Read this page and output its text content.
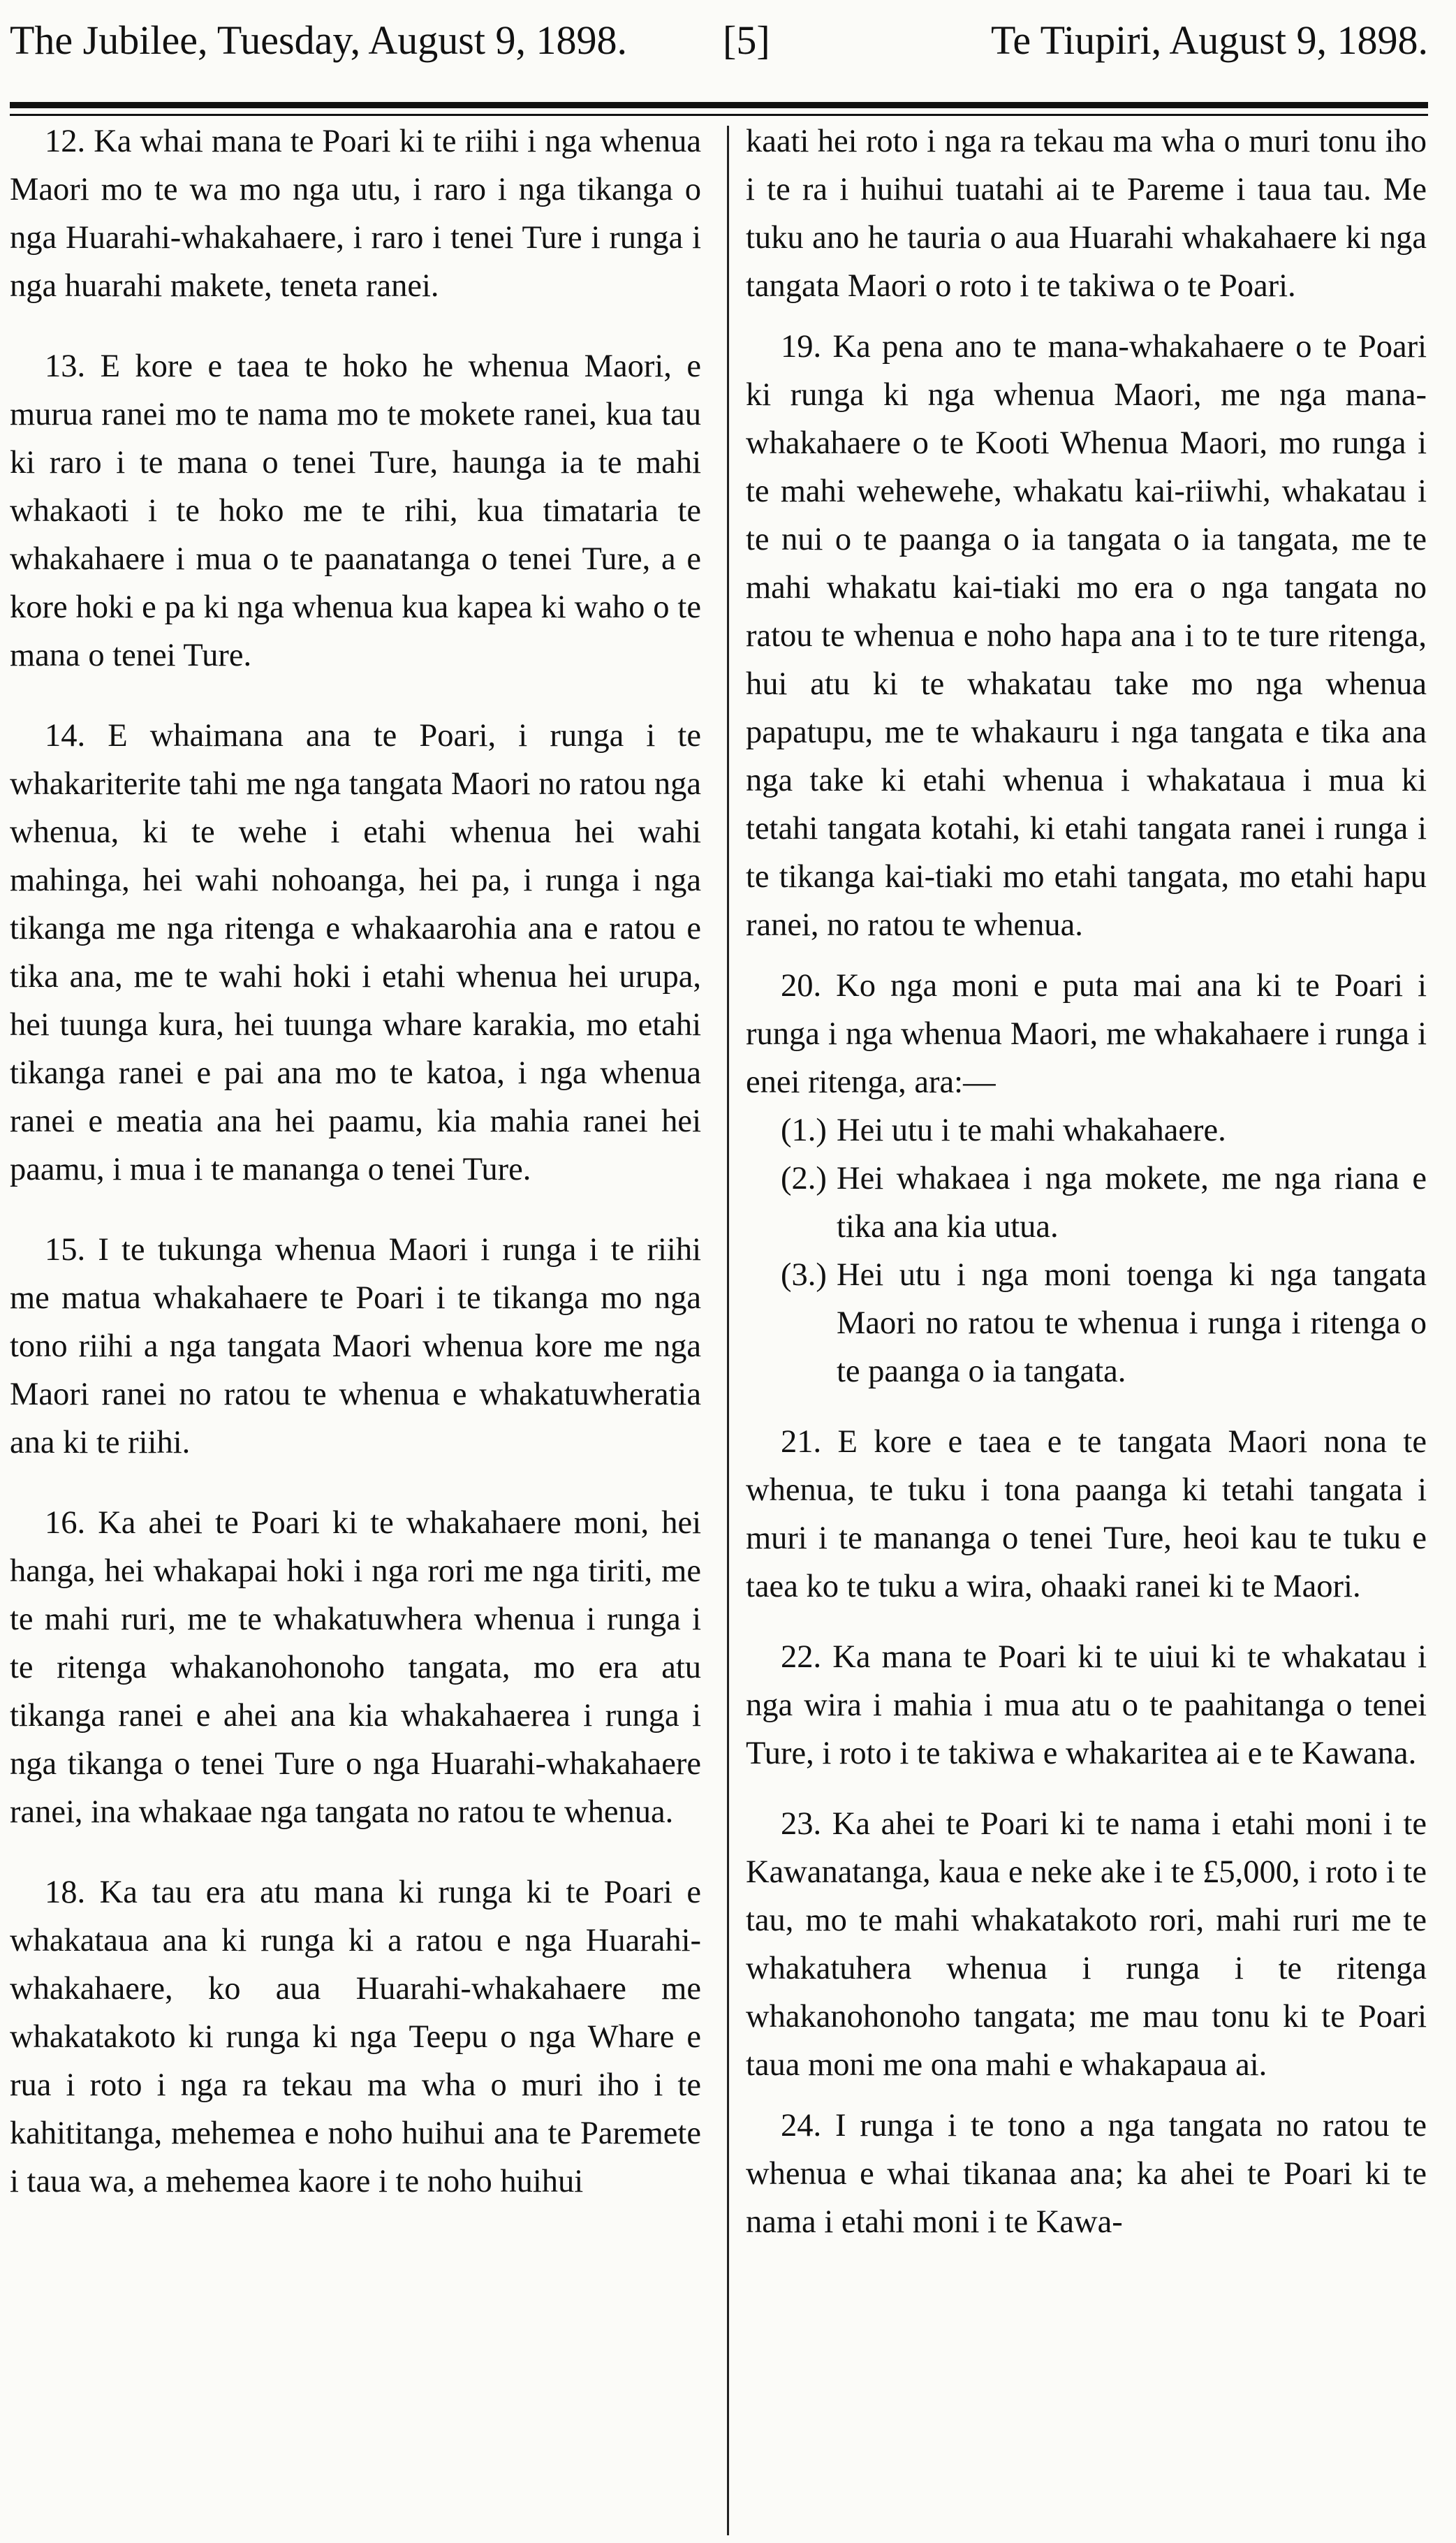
The Jubilee, Tuesday, August 9, 1898. [5]	Te Tiupiri, August 9, 1898.

12. Ka whai mana te Poari ki te riihi i nga whenua Maori mo te wa mo nga utu, i raro i nga tikanga o nga Huarahi-whakahaere, i raro i tenei Ture i runga i nga huarahi makete, teneta ranei.

13. E kore e taea te hoko he whenua Maori, e murua ranei mo te nama mo te mokete ranei, kua tau ki raro i te mana o tenei Ture, haunga ia te mahi whakaoti i te hoko me te rihi, kua timataria te whakahaere i mua o te paanatanga o tenei Ture, a e kore hoki e pa ki nga whenua kua kapea ki waho o te mana o tenei Ture.

14. E whaimana ana te Poari, i runga i te whakariterite tahi me nga tangata Maori no ratou nga whenua, ki te wehe i etahi whenua hei wahi mahinga, hei wahi nohoanga, hei pa, i runga i nga tikanga me nga ritenga e whakaarohia ana e ratou e tika ana, me te wahi hoki i etahi whenua hei urupa, hei tuunga kura, hei tuunga whare karakia, mo etahi tikanga ranei e pai ana mo te katoa, i nga whenua ranei e meatia ana hei paamu, kia mahia ranei hei paamu, i mua i te mananga o tenei Ture.

15. I te tukunga whenua Maori i runga i te riihi me matua whakahaere te Poari i te tikanga mo nga tono riihi a nga tangata Maori whenua kore me nga Maori ranei no ratou te whenua e whakatuwheratia ana ki te riihi.

16. Ka ahei te Poari ki te whakahaere moni, hei hanga, hei whakapai hoki i nga rori me nga tiriti, me te mahi ruri, me te whakatuwhera whenua i runga i te ritenga whakanohonoho tangata, mo era atu tikanga ranei e ahei ana kia whakahaerea i runga i nga tikanga o tenei Ture o nga Huarahi-whakahaere ranei, ina whakaae nga tangata no ratou te whenua.

18. Ka tau era atu mana ki runga ki te Poari e whakataua ana ki runga ki a ratou e nga Huarahi-whakahaere, ko aua Huarahi-whakahaere me whakatakoto ki runga ki nga Teepu o nga Whare e rua i roto i nga ra tekau ma wha o muri iho i te kahititanga, mehemea e noho huihui ana te Paremete i taua wa, a mehemea kaore i te noho huihui

kaati hei roto i nga ra tekau ma wha o muri tonu iho i te ra i huihui tuatahi ai te Pareme i taua tau. Me tuku ano he tauria o aua Huarahi whakahaere ki nga tangata Maori o roto i te takiwa o te Poari.

19. Ka pena ano te mana-whakahaere o te Poari ki runga ki nga whenua Maori, me nga mana-whakahaere o te Kooti Whenua Maori, mo runga i te mahi wehewehe, whakatu kai-riiwhi, whakatau i te nui o te paanga o ia tangata o ia tangata, me te mahi whakatu kai-tiaki mo era o nga tangata no ratou te whenua e noho hapa ana i to te ture ritenga, hui atu ki te whakatau take mo nga whenua papatupu, me te whakauru i nga tangata e tika ana nga take ki etahi whenua i whakataua i mua ki tetahi tangata kotahi, ki etahi tangata ranei i runga i te tikanga kai-tiaki mo etahi tangata, mo etahi hapu ranei, no ratou te whenua.

20. Ko nga moni e puta mai ana ki te Poari i runga i nga whenua Maori, me whakahaere i runga i enei ritenga, ara:—

(1.) Hei utu i te mahi whakahaere.
(2.) Hei whakaea i nga mokete, me nga riana e tika ana kia utua.
(3.) Hei utu i nga moni toenga ki nga tangata Maori no ratou te whenua i runga i ritenga o te paanga o ia tangata.

21. E kore e taea e te tangata Maori nona te whenua, te tuku i tona paanga ki tetahi tangata i muri i te mananga o tenei Ture, heoi kau te tuku e taea ko te tuku a wira, ohaaki ranei ki te Maori.

22. Ka mana te Poari ki te uiui ki te whakatau i nga wira i mahia i mua atu o te paahitanga o tenei Ture, i roto i te takiwa e whakaritea ai e te Kawana.

23. Ka ahei te Poari ki te nama i etahi moni i te Kawanatanga, kaua e neke ake i te £5,000, i roto i te tau, mo te mahi whakatakoto rori, mahi ruri me te whakatuhera whenua i runga i te ritenga whakanohonoho tangata; me mau tonu ki te Poari taua moni me ona mahi e whakapaua ai.

24. I runga i te tono a nga tangata no ratou te whenua e whai tikanaa ana; ka ahei te Poari ki te nama i etahi moni i te Kawa-
